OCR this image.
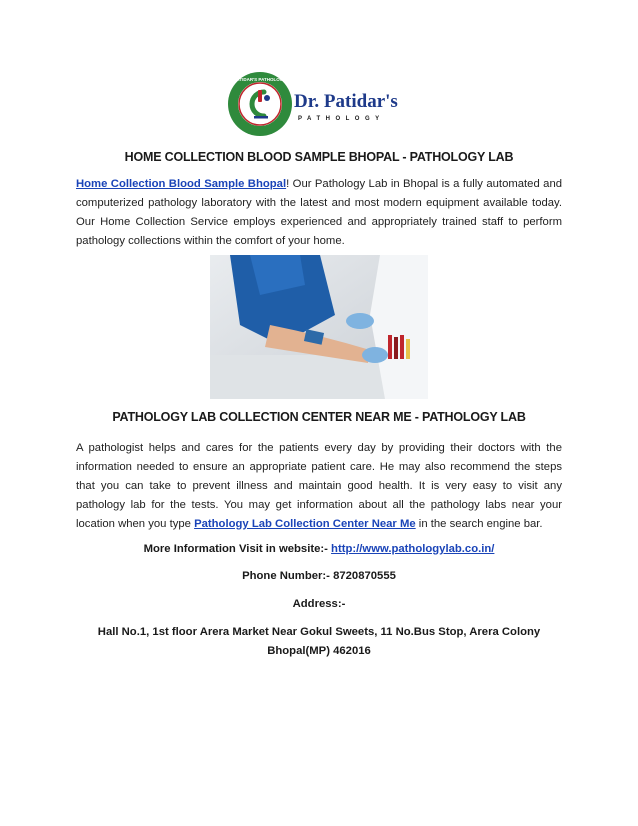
PATIDAR'S PATHOLOGY
Dr. Patidar's
PATHOLOGY
HOME COLLECTION BLOOD SAMPLE BHOPAL - PATHOLOGY LAB
Home Collection Blood Sample Bhopal! Our Pathology Lab in Bhopal is a fully automated and computerized pathology laboratory with the latest and most modern equipment available today. Our Home Collection Service employs experienced and appropriately trained staff to perform pathology collections within the comfort of your home.
PATHOLOGY LAB COLLECTION CENTER NEAR ME - PATHOLOGY LAB
A pathologist helps and cares for the patients every day by providing their doctors with the information needed to ensure an appropriate patient care. He may also recommend the steps that you can take to prevent illness and maintain good health. It is very easy to visit any pathology lab for the tests. You may get information about all the pathology labs near your location when you type Pathology Lab Collection Center Near Me in the search engine bar.
More Information Visit in website:- http://www.pathologylab.co.in/
Phone Number:- 8720870555
Address:-
Hall No.1, 1st floor Arera Market Near Gokul Sweets, 11 No.Bus Stop, Arera Colony
Bhopal(MP) 462016
